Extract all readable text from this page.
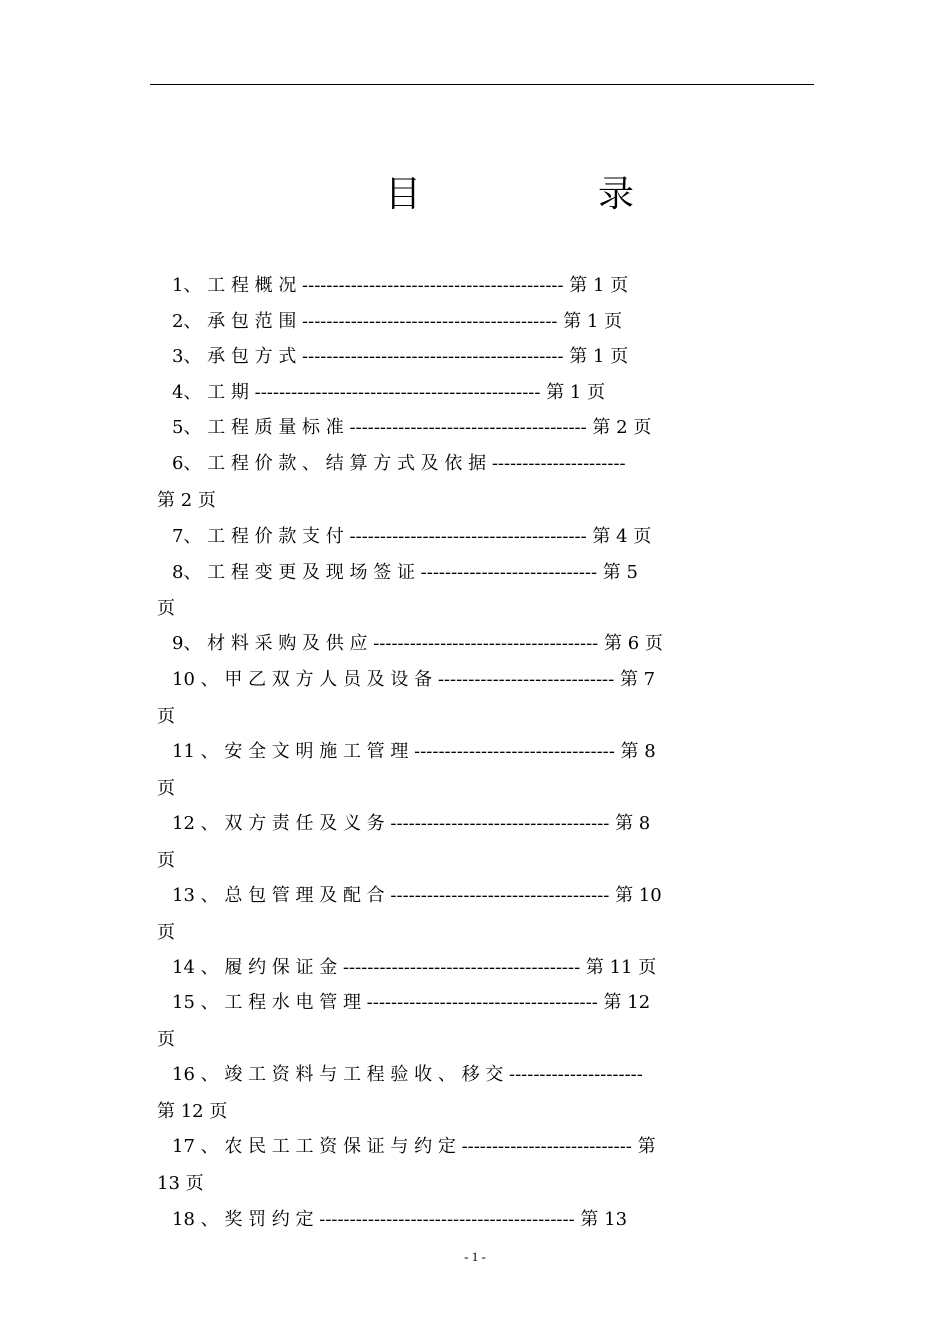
目	录
1、 工 程 概 况 ------------------------------------------- 第 1 页
2、 承 包 范 围 ------------------------------------------ 第 1 页
3、 承 包 方 式 ------------------------------------------- 第 1 页
4、 工 期 ----------------------------------------------- 第 1 页
5、 工 程 质 量 标 准 --------------------------------------- 第 2 页
6、 工 程 价 款 、 结 算 方 式 及 依 据 ----------------------
第 2 页
7、 工 程 价 款 支 付 --------------------------------------- 第 4 页
8、 工 程 变 更 及 现 场 签 证 ----------------------------- 第 5
页
9、 材 料 采 购 及 供 应 ------------------------------------- 第 6 页
10 、 甲 乙 双 方 人 员 及 设 备 ----------------------------- 第 7
页
11 、 安 全 文 明 施 工 管 理 --------------------------------- 第 8
页
12 、 双 方 责 任 及 义 务 ------------------------------------ 第 8
页
13 、 总 包 管 理 及 配 合 ------------------------------------ 第 10
页
14 、 履 约 保 证 金 --------------------------------------- 第 11 页
15 、 工 程 水 电 管 理 -------------------------------------- 第 12
页
16 、 竣 工 资 料 与 工 程 验 收 、 移 交 ----------------------
第 12 页
17 、 农 民 工 工 资 保 证 与 约 定 ---------------------------- 第
13 页
18 、 奖 罚 约 定 ------------------------------------------ 第 13
- 1 -
